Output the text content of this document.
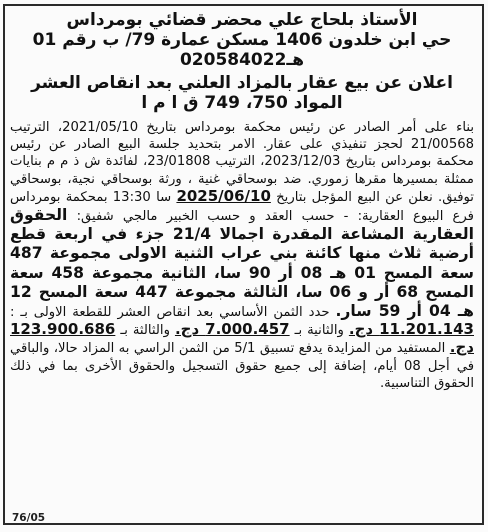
الأستاذ بلحاج علي محضر قضائي بومرداس
حي ابن خلدون 1406 مسكن عمارة 79/ ب رقم 01
هـ020584022
اعلان عن بيع عقار بالمزاد العلني بعد انقاص العشر
المواد 750، 749 ق ا م ا
بناء على أمر الصادر عن رئيس محكمة بومرداس بتاريخ 2021/05/10، الترتيب 21/00568 لحجز تنفيذي على عقار. الامر بتحديد جلسة البيع الصادر عن رئيس محكمة بومرداس بتاريخ 2023/12/03، الترتيب 23/01808، لفائدة ش ذ م م بنايات ممثلة بمسيرها مقرها زموري. ضد بوسحاقي غنية ، ورثة بوسحاقي نجية، بوسحاقي توفيق. نعلن عن البيع المؤجل بتاريخ 2025/06/10 سا 13:30 بمحكمة بومرداس فرع البيوع العقارية: - حسب العقد و حسب الخبير مالجي شفيق: الحقوق العقارية المشاعة المقدرة اجمالا 21/4 جزء في اربعة قطع أرضية ثلاث منها كائنة بني عراب الثنية الاولى مجموعة 487 سعة المسح 01 هـ 08 أر 90 سا، الثانية مجموعة 458 سعة المسح 68 أر و 06 سا، الثالثة مجموعة 447 سعة المسح 12 هـ 04 أر 59 سار. حدد الثمن الأساسي بعد انقاص العشر للقطعة الاولى بـ : 11.201.143 دج. والثانية بـ 7.000.457 دج. والثالثة بـ 123.900.686 دج. المستفيد من المزايدة يدفع تسبيق 5/1 من الثمن الراسي به المزاد حالا، والباقي في أجل 08 أيام، إضافة إلى جميع حقوق التسجيل والحقوق الأخرى بما في ذلك الحقوق التناسبية.
76/05
